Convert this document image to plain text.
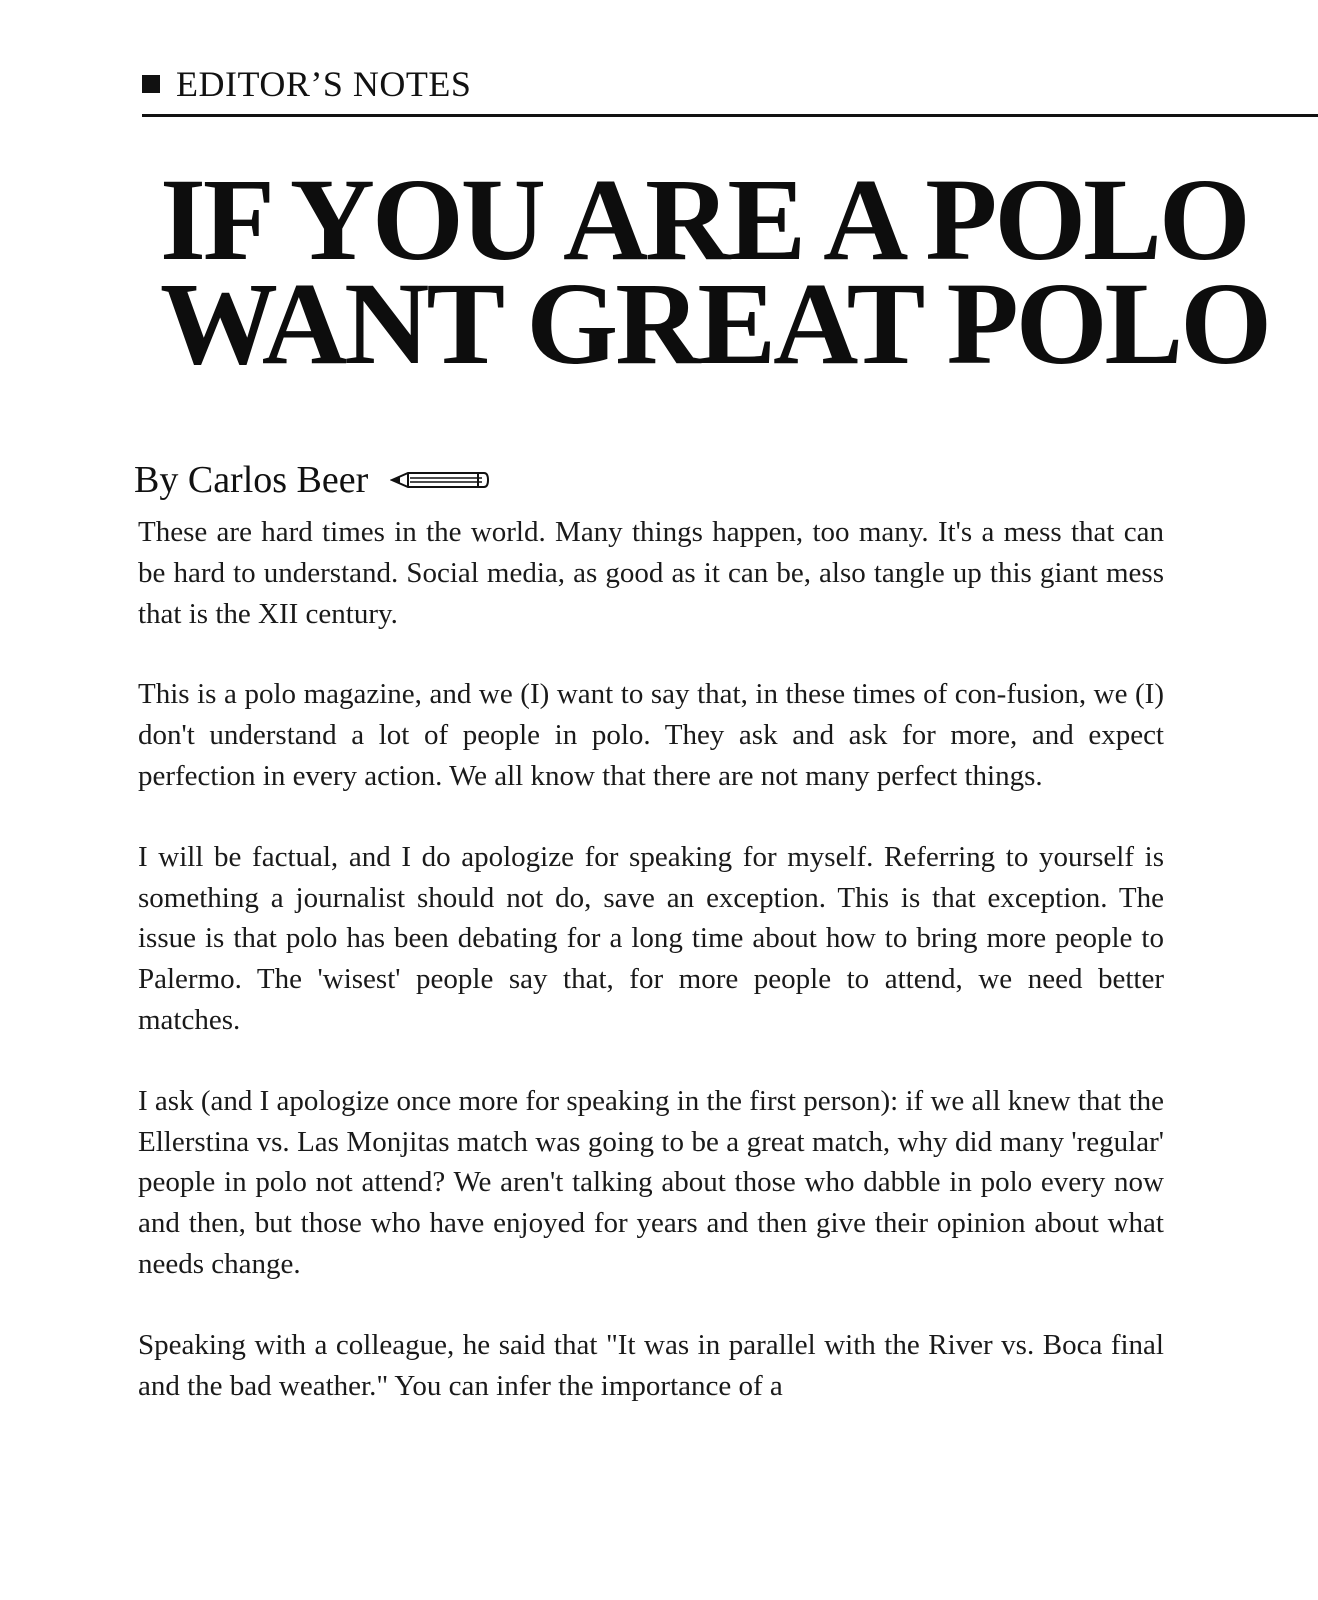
EDITOR’S NOTES
IF YOU ARE A POLO
WANT GREAT POLO
By Carlos Beer

These are hard times in the world. Many things happen, too many. It's a mess that can be hard to understand. Social media, as good as it can be, also tangle up this giant mess that is the XII century.

This is a polo magazine, and we (I) want to say that, in these times of con-fusion, we (I) don't understand a lot of people in polo. They ask and ask for more, and expect perfection in every action. We all know that there are not many perfect things.

I will be factual, and I do apologize for speaking for myself. Referring to yourself is something a journalist should not do, save an exception. This is that exception. The issue is that polo has been debating for a long time about how to bring more people to Palermo. The 'wisest' people say that, for more people to attend, we need better matches.

I ask (and I apologize once more for speaking in the first person): if we all knew that the Ellerstina vs. Las Monjitas match was going to be a great match, why did many 'regular' people in polo not attend? We aren't talking about those who dabble in polo every now and then, but those who have enjoyed for years and then give their opinion about what needs change.

Speaking with a colleague, he said that "It was in parallel with the River vs. Boca final and the bad weather." You can infer the importance of a
